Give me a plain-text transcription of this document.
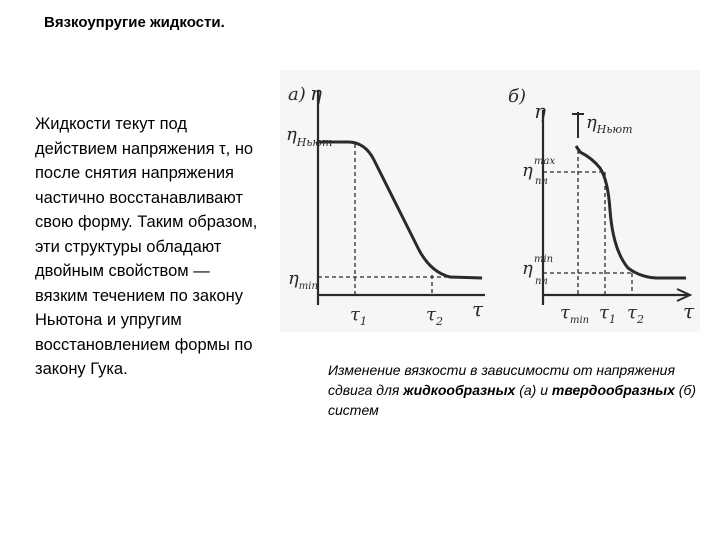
Вязкоупругие жидкости.
Жидкости текут под действием напряжения τ, но после снятия напряжения частично восстанавливают свою форму. Таким образом, эти структуры обладают двойным свойством — вязким течением по закону Ньютона и упругим восстановлением формы по закону Гука.
а) η
τ
$\eta_{Ньют}$
$\eta_{min}$
$\tau_1$	$\tau_2$
б)
η
τ
$\eta_{Ньют}$
η max
пл
η min
пл
$\tau_{min}$ $\tau_1$ $\tau_2$
Изменение вязкости в зависимости от напряжения сдвига для жидкообразных (а) и твердообразных (б) систем
